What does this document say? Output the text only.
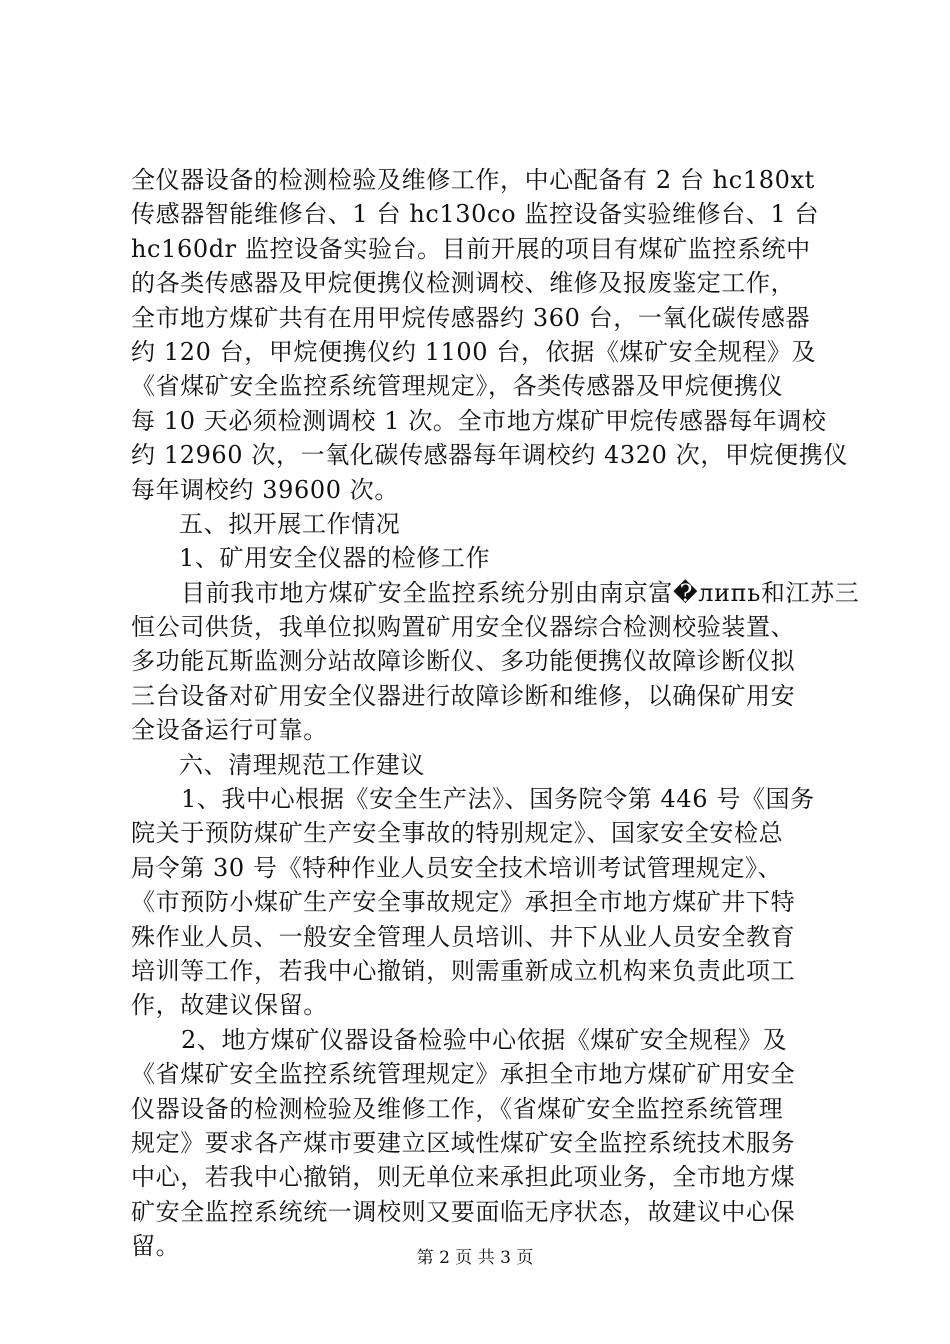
全仪器设备的检测检验及维修工作，中心配备有 2 台 hc180xt
传感器智能维修台、1 台 hc130co 监控设备实验维修台、1 台
hc160dr 监控设备实验台。目前开展的项目有煤矿监控系统中
的各类传感器及甲烷便携仪检测调校、维修及报废鉴定工作，
全市地方煤矿共有在用甲烷传感器约 360 台，一氧化碳传感器
约 120 台，甲烷便携仪约 1100 台，依据《煤矿安全规程》及
《省煤矿安全监控系统管理规定》，各类传感器及甲烷便携仪
每 10 天必须检测调校 1 次。全市地方煤矿甲烷传感器每年调校
约 12960 次，一氧化碳传感器每年调校约 4320 次，甲烷便携仪
每年调校约 39600 次。
五、拟开展工作情况
1、矿用安全仪器的检修工作
目前我市地方煤矿安全监控系统分别由南京富�липь和江苏三
恒公司供货，我单位拟购置矿用安全仪器综合检测校验装置、
多功能瓦斯监测分站故障诊断仪、多功能便携仪故障诊断仪拟
三台设备对矿用安全仪器进行故障诊断和维修，以确保矿用安
全设备运行可靠。
六、清理规范工作建议
1、我中心根据《安全生产法》、国务院令第 446 号《国务
院关于预防煤矿生产安全事故的特别规定》、国家安全安检总
局令第 30 号《特种作业人员安全技术培训考试管理规定》、
《市预防小煤矿生产安全事故规定》承担全市地方煤矿井下特
殊作业人员、一般安全管理人员培训、井下从业人员安全教育
培训等工作，若我中心撤销，则需重新成立机构来负责此项工
作，故建议保留。
2、地方煤矿仪器设备检验中心依据《煤矿安全规程》及
《省煤矿安全监控系统管理规定》承担全市地方煤矿矿用安全
仪器设备的检测检验及维修工作，《省煤矿安全监控系统管理
规定》要求各产煤市要建立区域性煤矿安全监控系统技术服务
中心，若我中心撤销，则无单位来承担此项业务，全市地方煤
矿安全监控系统统一调校则又要面临无序状态，故建议中心保
留。	第 2 页 共 3 页
